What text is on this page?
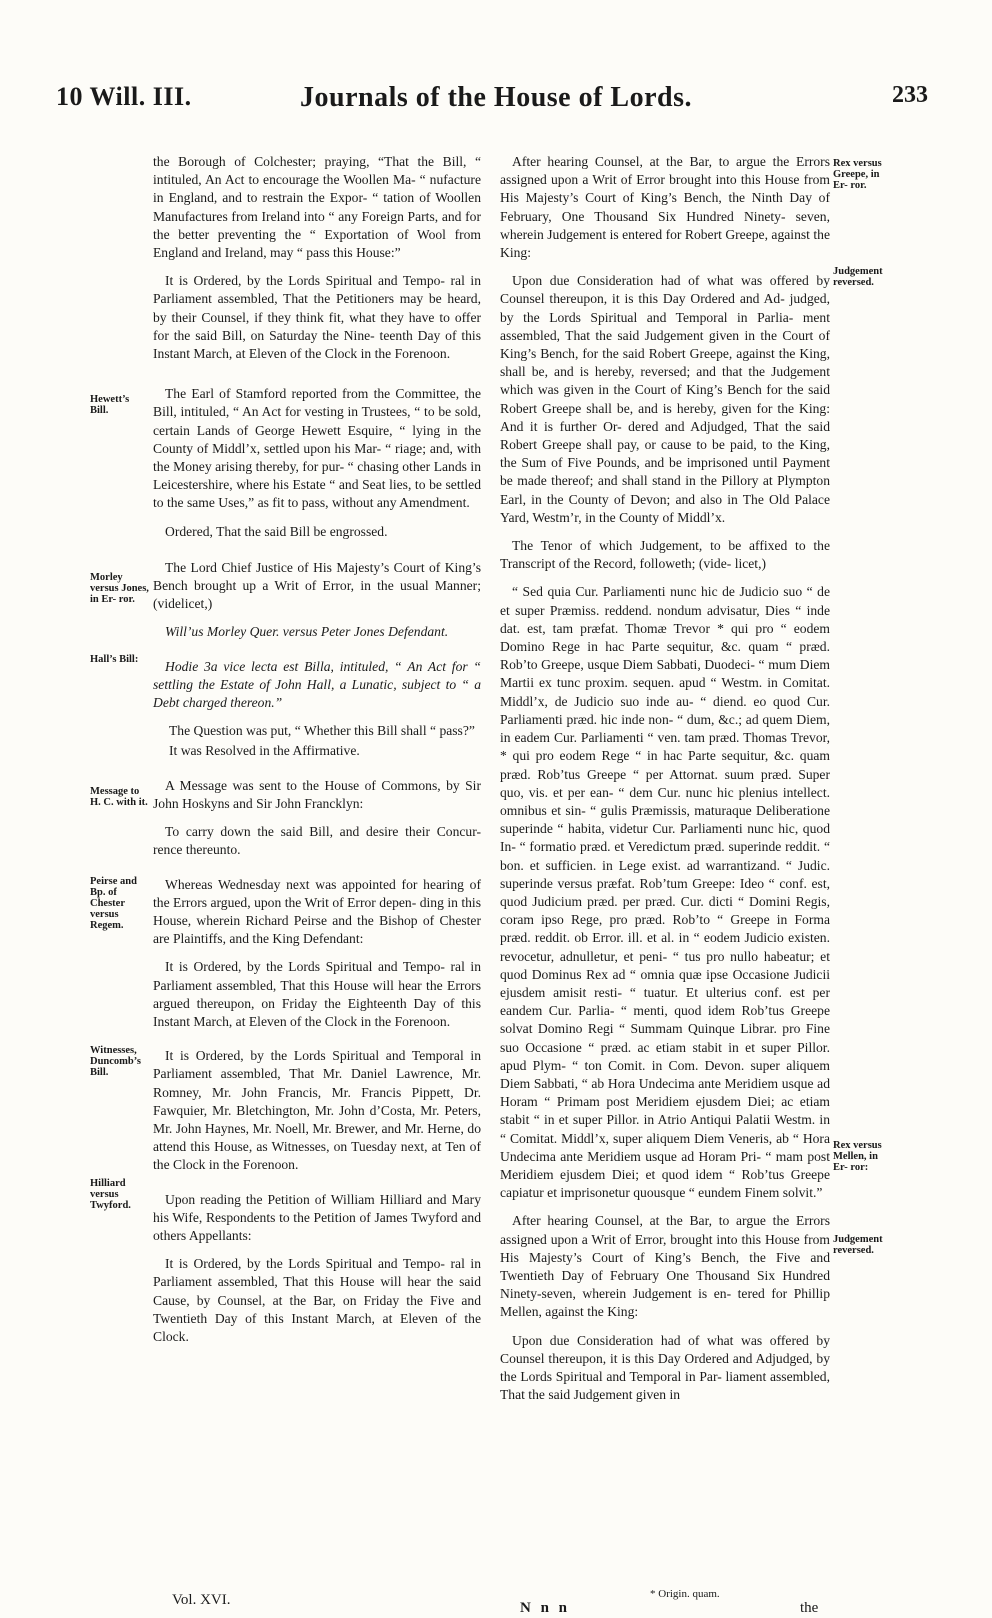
10 Will. III.	Journals of the House of Lords.	233
Hewett’s Bill.
Morley versus Jones, in Er- ror.
Hall’s Bill:
Message to H. C. with it.
Peirse and Bp. of Chester versus Regem.
Witnesses, Duncomb’s Bill.
Hilliard versus Twyford.
Rex versus Greepe, in Er- ror.
Judgement reversed.
Rex versus Mellen, in Er- ror:
Judgement reversed.

the Borough of Colchester; praying, “That the Bill, “ intituled, An Act to encourage the Woollen Ma- “ nufacture in England, and to restrain the Expor- “ tation of Woollen Manufactures from Ireland into “ any Foreign Parts, and for the better preventing the “ Exportation of Wool from England and Ireland, may “ pass this House:”

It is Ordered, by the Lords Spiritual and Tempo- ral in Parliament assembled, That the Petitioners may be heard, by their Counsel, if they think fit, what they have to offer for the said Bill, on Saturday the Nine- teenth Day of this Instant March, at Eleven of the Clock in the Forenoon.

The Earl of Stamford reported from the Committee, the Bill, intituled, “ An Act for vesting in Trustees, “ to be sold, certain Lands of George Hewett Esquire, “ lying in the County of Middl’x, settled upon his Mar- “ riage; and, with the Money arising thereby, for pur- “ chasing other Lands in Leicestershire, where his Estate “ and Seat lies, to be settled to the same Uses,” as fit to pass, without any Amendment.

Ordered, That the said Bill be engrossed.

The Lord Chief Justice of His Majesty’s Court of King’s Bench brought up a Writ of Error, in the usual Manner; (videlicet,)

Will’us Morley Quer. versus Peter Jones Defendant.

Hodie 3a vice lecta est Billa, intituled, “ An Act for “ settling the Estate of John Hall, a Lunatic, subject to “ a Debt charged thereon.”

The Question was put, “ Whether this Bill shall “ pass?”

It was Resolved in the Affirmative.

A Message was sent to the House of Commons, by Sir John Hoskyns and Sir John Francklyn:

To carry down the said Bill, and desire their Concur- rence thereunto.

Whereas Wednesday next was appointed for hearing of the Errors argued, upon the Writ of Error depen- ding in this House, wherein Richard Peirse and the Bishop of Chester are Plaintiffs, and the King Defendant:

It is Ordered, by the Lords Spiritual and Tempo- ral in Parliament assembled, That this House will hear the Errors argued thereupon, on Friday the Eighteenth Day of this Instant March, at Eleven of the Clock in the Forenoon.

It is Ordered, by the Lords Spiritual and Temporal in Parliament assembled, That Mr. Daniel Lawrence, Mr. Romney, Mr. John Francis, Mr. Francis Pippett, Dr. Fawquier, Mr. Bletchington, Mr. John d’Costa, Mr. Peters, Mr. John Haynes, Mr. Noell, Mr. Brewer, and Mr. Herne, do attend this House, as Witnesses, on Tuesday next, at Ten of the Clock in the Forenoon.

Upon reading the Petition of William Hilliard and Mary his Wife, Respondents to the Petition of James Twyford and others Appellants:

It is Ordered, by the Lords Spiritual and Tempo- ral in Parliament assembled, That this House will hear the said Cause, by Counsel, at the Bar, on Friday the Five and Twentieth Day of this Instant March, at Eleven of the Clock.

After hearing Counsel, at the Bar, to argue the Errors assigned upon a Writ of Error brought into this House from His Majesty’s Court of King’s Bench, the Ninth Day of February, One Thousand Six Hundred Ninety- seven, wherein Judgement is entered for Robert Greepe, against the King:

Upon due Consideration had of what was offered by Counsel thereupon, it is this Day Ordered and Ad- judged, by the Lords Spiritual and Temporal in Parlia- ment assembled, That the said Judgement given in the Court of King’s Bench, for the said Robert Greepe, against the King, shall be, and is hereby, reversed; and that the Judgement which was given in the Court of King’s Bench for the said Robert Greepe shall be, and is hereby, given for the King: And it is further Or- dered and Adjudged, That the said Robert Greepe shall pay, or cause to be paid, to the King, the Sum of Five Pounds, and be imprisoned until Payment be made thereof; and shall stand in the Pillory at Plympton Earl, in the County of Devon; and also in The Old Palace Yard, Westm’r, in the County of Middl’x.

The Tenor of which Judgement, to be affixed to the Transcript of the Record, followeth; (vide- licet,)

“ Sed quia Cur. Parliamenti nunc hic de Judicio suo “ de et super Præmiss. reddend. nondum advisatur, Dies “ inde dat. est, tam præfat. Thomæ Trevor * qui pro “ eodem Domino Rege in hac Parte sequitur, &c. quam “ præd. Rob’to Greepe, usque Diem Sabbati, Duodeci- “ mum Diem Martii ex tunc proxim. sequen. apud “ Westm. in Comitat. Middl’x, de Judicio suo inde au- “ diend. eo quod Cur. Parliamenti præd. hic inde non- “ dum, &c.; ad quem Diem, in eadem Cur. Parliamenti “ ven. tam præd. Thomas Trevor, * qui pro eodem Rege “ in hac Parte sequitur, &c. quam præd. Rob’tus Greepe “ per Attornat. suum præd. Super quo, vis. et per ean- “ dem Cur. nunc hic plenius intellect. omnibus et sin- “ gulis Præmissis, maturaque Deliberatione superinde “ habita, videtur Cur. Parliamenti nunc hic, quod In- “ formatio præd. et Veredictum præd. superinde reddit. “ bon. et sufficien. in Lege exist. ad warrantizand. “ Judic. superinde versus præfat. Rob’tum Greepe: Ideo “ conf. est, quod Judicium præd. per præd. Cur. dicti “ Domini Regis, coram ipso Rege, pro præd. Rob’to “ Greepe in Forma præd. reddit. ob Error. ill. et al. in “ eodem Judicio existen. revocetur, adnulletur, et peni- “ tus pro nullo habeatur; et quod Dominus Rex ad “ omnia quæ ipse Occasione Judicii ejusdem amisit resti- “ tuatur. Et ulterius conf. est per eandem Cur. Parlia- “ menti, quod idem Rob’tus Greepe solvat Domino Regi “ Summam Quinque Librar. pro Fine suo Occasione “ præd. ac etiam stabit in et super Pillor. apud Plym- “ ton Comit. in Com. Devon. super aliquem Diem Sabbati, “ ab Hora Undecima ante Meridiem usque ad Horam “ Primam post Meridiem ejusdem Diei; ac etiam stabit “ in et super Pillor. in Atrio Antiqui Palatii Westm. in “ Comitat. Middl’x, super aliquem Diem Veneris, ab “ Hora Undecima ante Meridiem usque ad Horam Pri- “ mam post Meridiem ejusdem Diei; et quod idem “ Rob’tus Greepe capiatur et imprisonetur quousque “ eundem Finem solvit.”

After hearing Counsel, at the Bar, to argue the Errors assigned upon a Writ of Error, brought into this House from His Majesty’s Court of King’s Bench, the Five and Twentieth Day of February One Thousand Six Hundred Ninety-seven, wherein Judgement is en- tered for Phillip Mellen, against the King:

Upon due Consideration had of what was offered by Counsel thereupon, it is this Day Ordered and Adjudged, by the Lords Spiritual and Temporal in Par- liament assembled, That the said Judgement given in

Vol. XVI.	N n n
* Origin. quam.
the
